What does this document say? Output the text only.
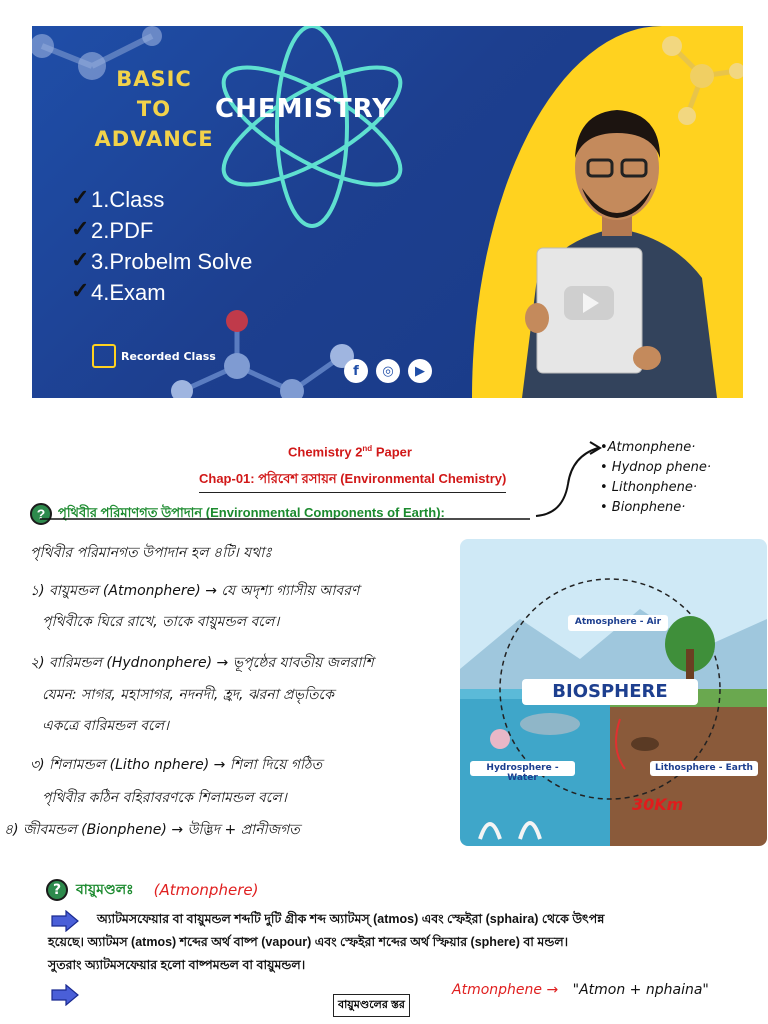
BASIC
TO
ADVANCE
CHEMISTRY
✓ 1.Class
✓ 2.PDF
✓ 3.Probelm Solve
✓ 4.Exam
Recorded Class
f	◎	▶
Chemistry 2nd Paper
Chap-01: পরিবেশ রসায়ন (Environmental Chemistry)
•Atmonphene·
• Hydnop phene·
• Lithonphene·
• Bionphene·
? পৃথিবীর পরিমাণগত উপাদান (Environmental Components of Earth):
পৃথিবীর পরিমানগত উপাদান হল ৪টি। যথাঃ
১) বায়ুমন্ডল (Atmonphere) → যে অদৃশ্য গ্যাসীয় আবরণ
পৃথিবীকে ঘিরে রাখে, তাকে বায়ুমন্ডল বলে।
২) বারিমন্ডল (Hydnonphere) → ভূপৃষ্ঠের যাবতীয় জলরাশি
যেমন: সাগর, মহাসাগর, নদনদী, হ্রদ, ঝরনা প্রভৃতিকে
একত্রে বারিমন্ডল বলে।
৩) শিলামন্ডল (Litho nphere) → শিলা দিয়ে গঠিত
পৃথিবীর কঠিন বহিরাবরণকে শিলামন্ডল বলে।
৪) জীবমন্ডল (Bionphene) → উদ্ভিদ + প্রানীজগত
Atmosphere - Air
BIOSPHERE
Hydrosphere - Water
Lithosphere - Earth
30Km
?	বায়ুমণ্ডলঃ (Atmonphere)
অ্যাটমসফেয়ার বা বায়ুমন্ডল শব্দটি দুটি গ্রীক শব্দ অ্যাটমস্ (atmos) এবং স্ফেইরা (sphaira) থেকে উৎপন্ন
হয়েছে। অ্যাটমস (atmos) শব্দের অর্থ বাষ্প (vapour) এবং স্ফেইরা শব্দের অর্থ স্ফিয়ার (sphere) বা মন্ডল।
সুতরাং অ্যাটমসফেয়ার হলো বাষ্পমন্ডল বা বায়ুমন্ডল।
বায়ুমণ্ডলের স্তর
Atmonphene → "Atmon + nphaina"
